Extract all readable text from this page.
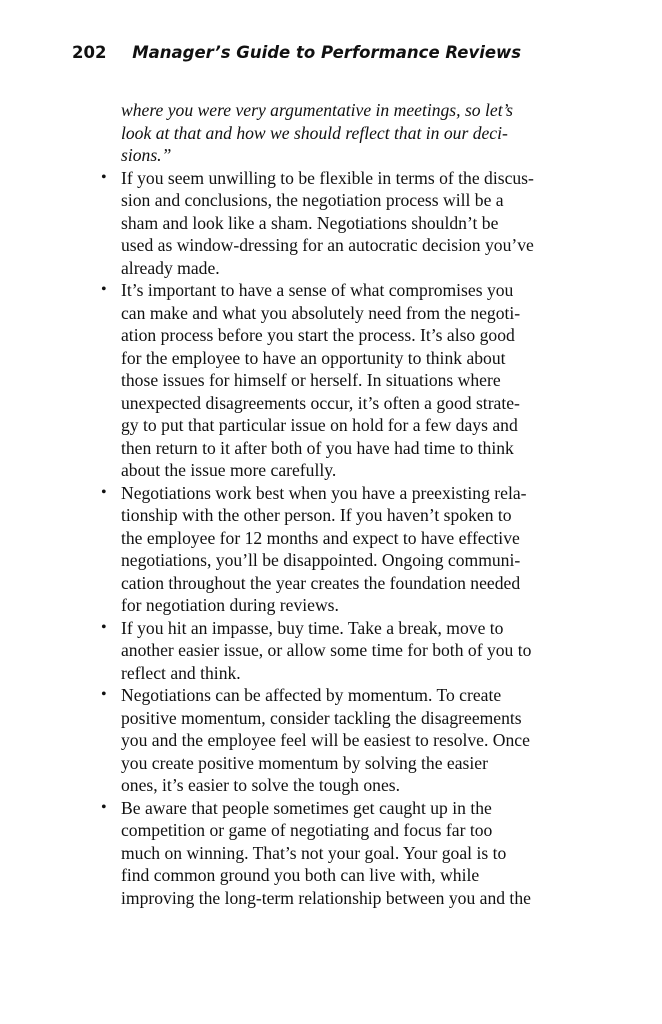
202 Manager’s Guide to Performance Reviews
where you were very argumentative in meetings, so let’s
look at that and how we should reflect that in our deci-
sions.”
• If you seem unwilling to be flexible in terms of the discus-
sion and conclusions, the negotiation process will be a
sham and look like a sham. Negotiations shouldn’t be
used as window-dressing for an autocratic decision you’ve
already made.
• It’s important to have a sense of what compromises you
can make and what you absolutely need from the negoti-
ation process before you start the process. It’s also good
for the employee to have an opportunity to think about
those issues for himself or herself. In situations where
unexpected disagreements occur, it’s often a good strate-
gy to put that particular issue on hold for a few days and
then return to it after both of you have had time to think
about the issue more carefully.
• Negotiations work best when you have a preexisting rela-
tionship with the other person. If you haven’t spoken to
the employee for 12 months and expect to have effective
negotiations, you’ll be disappointed. Ongoing communi-
cation throughout the year creates the foundation needed
for negotiation during reviews.
• If you hit an impasse, buy time. Take a break, move to
another easier issue, or allow some time for both of you to
reflect and think.
• Negotiations can be affected by momentum. To create
positive momentum, consider tackling the disagreements
you and the employee feel will be easiest to resolve. Once
you create positive momentum by solving the easier
ones, it’s easier to solve the tough ones.
• Be aware that people sometimes get caught up in the
competition or game of negotiating and focus far too
much on winning. That’s not your goal. Your goal is to
find common ground you both can live with, while
improving the long-term relationship between you and the
